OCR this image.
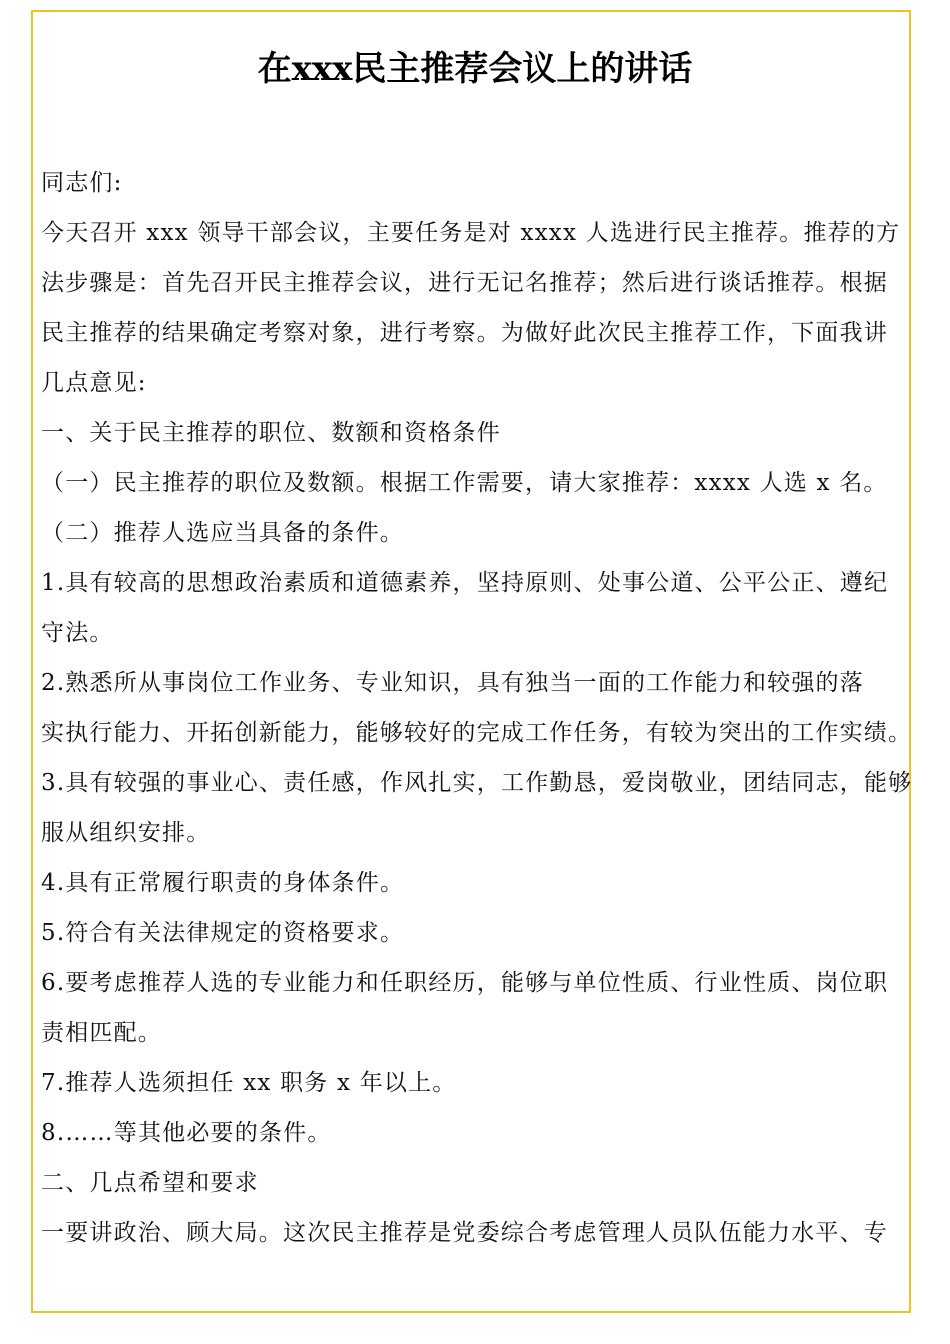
在xxx民主推荐会议上的讲话

同志们:

今天召开 xxx 领导干部会议，主要任务是对 xxxx 人选进行民主推荐。推荐的方

法步骤是：首先召开民主推荐会议，进行无记名推荐；然后进行谈话推荐。根据

民主推荐的结果确定考察对象，进行考察。为做好此次民主推荐工作，下面我讲

几点意见:

一、关于民主推荐的职位、数额和资格条件

（一）民主推荐的职位及数额。根据工作需要，请大家推荐：xxxx 人选 x 名。

（二）推荐人选应当具备的条件。

1.具有较高的思想政治素质和道德素养，坚持原则、处事公道、公平公正、遵纪

守法。

2.熟悉所从事岗位工作业务、专业知识，具有独当一面的工作能力和较强的落

实执行能力、开拓创新能力，能够较好的完成工作任务，有较为突出的工作实绩。

3.具有较强的事业心、责任感，作风扎实，工作勤恳，爱岗敬业，团结同志，能够

服从组织安排。

4.具有正常履行职责的身体条件。

5.符合有关法律规定的资格要求。

6.要考虑推荐人选的专业能力和任职经历，能够与单位性质、行业性质、岗位职

责相匹配。

7.推荐人选须担任 xx 职务 x 年以上。

8.……等其他必要的条件。

二、几点希望和要求

一要讲政治、顾大局。这次民主推荐是党委综合考虑管理人员队伍能力水平、专
